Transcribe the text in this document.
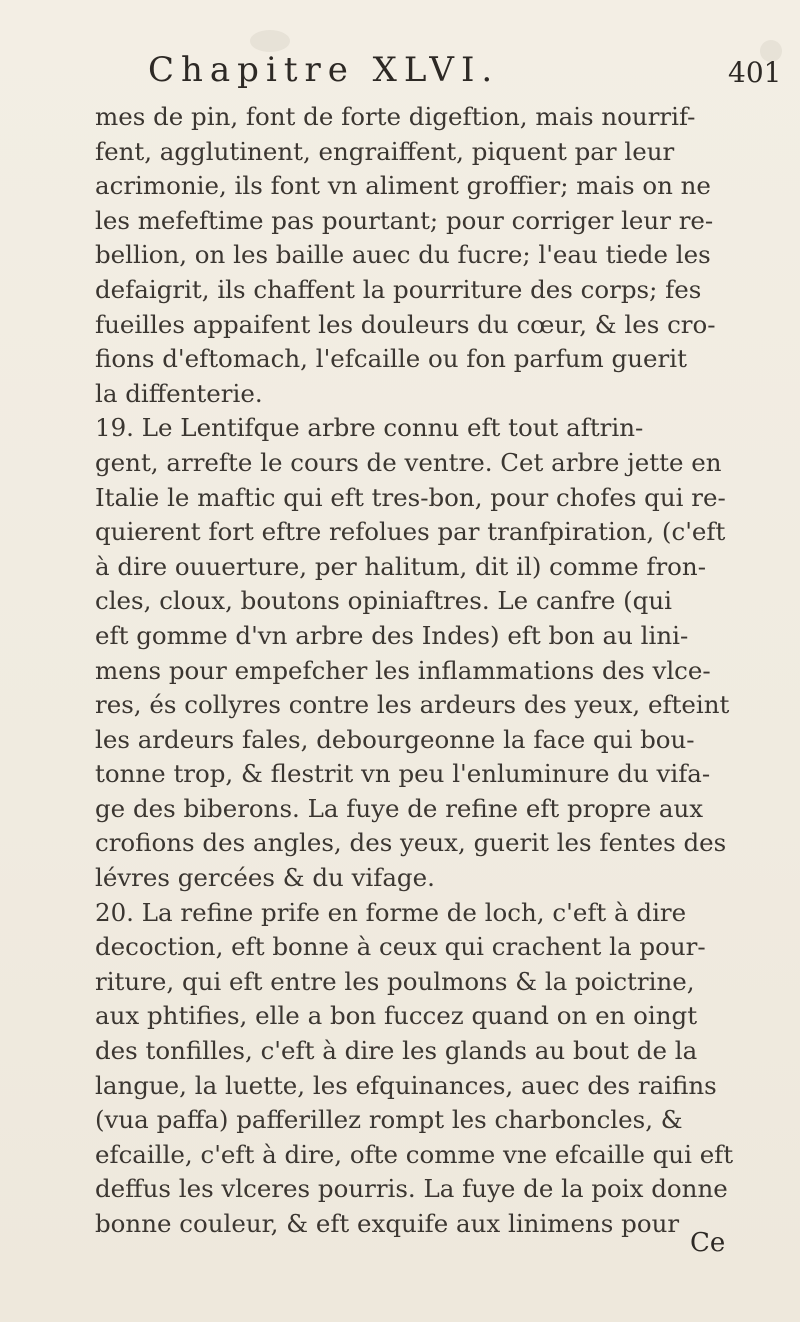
Chapitre XLVI.	401
mes de pin, font de forte digeftion, mais nourrif-
fent, agglutinent, engraiffent, piquent par leur
acrimonie, ils font vn aliment groffier; mais on ne
les mefeftime pas pourtant; pour corriger leur re-
bellion, on les baille auec du fucre; l'eau tiede les
defaigrit, ils chaffent la pourriture des corps; fes
fueilles appaifent les douleurs du cœur, & les cro-
fions d'eftomach, l'efcaille ou fon parfum guerit
la diffenterie.
19. Le Lentifque arbre connu eft tout aftrin-
gent, arrefte le cours de ventre. Cet arbre jette en
Italie le maftic qui eft tres-bon, pour chofes qui re-
quierent fort eftre refolues par tranfpiration, (c'eft
à dire ouuerture, per halitum, dit il) comme fron-
cles, cloux, boutons opiniaftres. Le canfre (qui
eft gomme d'vn arbre des Indes) eft bon au lini-
mens pour empefcher les inflammations des vlce-
res, és collyres contre les ardeurs des yeux, efteint
les ardeurs fales, debourgeonne la face qui bou-
tonne trop, & flestrit vn peu l'enluminure du vifa-
ge des biberons. La fuye de refine eft propre aux
crofions des angles, des yeux, guerit les fentes des
lévres gercées & du vifage.
20. La refine prife en forme de loch, c'eft à dire
decoction, eft bonne à ceux qui crachent la pour-
riture, qui eft entre les poulmons & la poictrine,
aux phtifies, elle a bon fuccez quand on en oingt
des tonfilles, c'eft à dire les glands au bout de la
langue, la luette, les efquinances, auec des raifins
(vua paffa) pafferillez rompt les charboncles, &
efcaille, c'eft à dire, ofte comme vne efcaille qui eft
deffus les vlceres pourris. La fuye de la poix donne
bonne couleur, & eft exquife aux linimens pour
Ce
